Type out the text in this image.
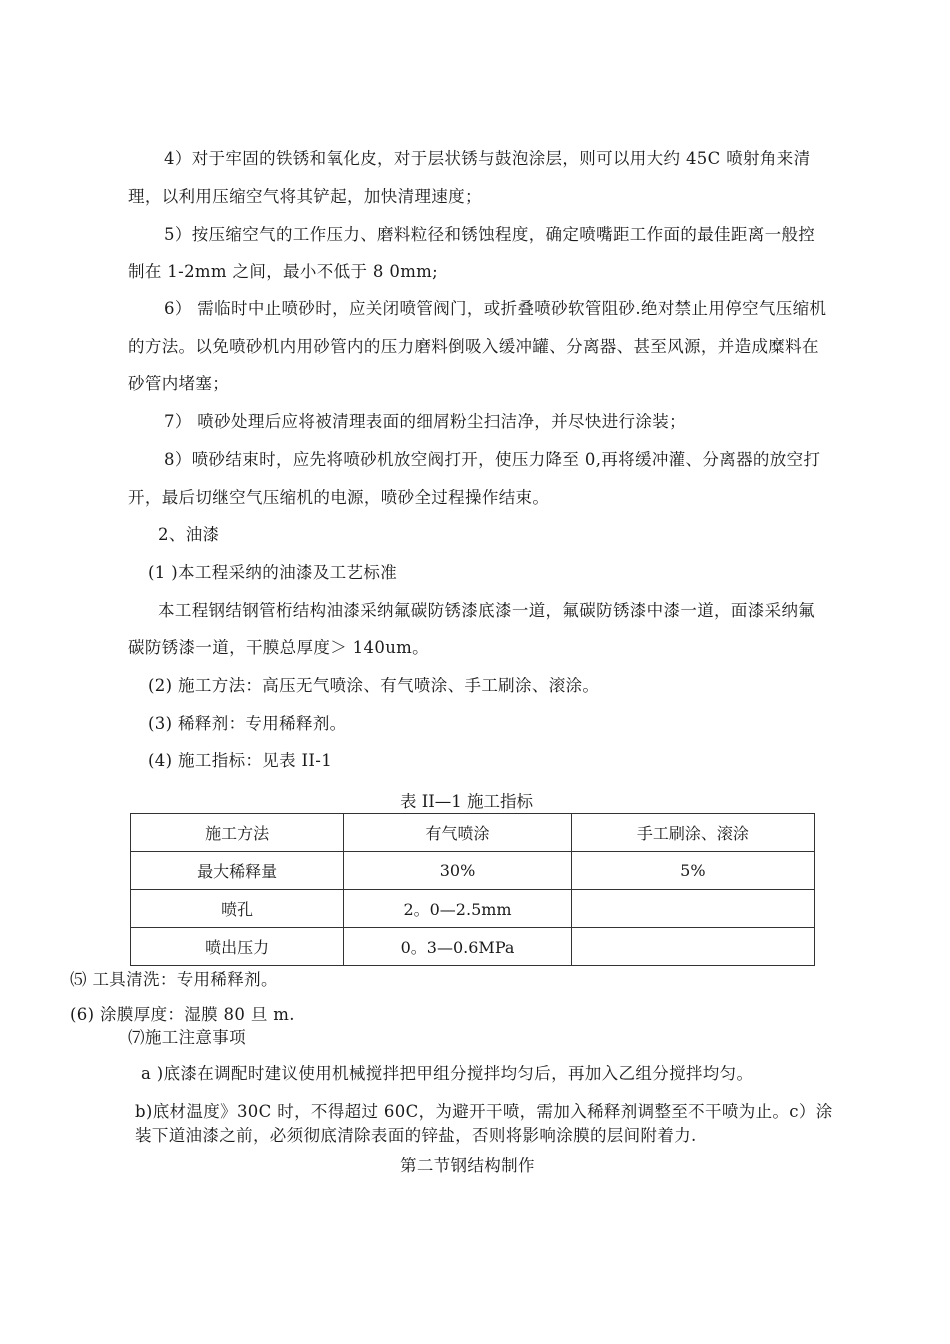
4）对于牢固的铁锈和氧化皮，对于层状锈与鼓泡涂层，则可以用大约 45C 喷射角来清
理，以利用压缩空气将其铲起，加快清理速度；
5）按压缩空气的工作压力、磨料粒径和锈蚀程度，确定喷嘴距工作面的最佳距离一般控
制在 1-2mm 之间，最小不低于 8 0mm;
6） 需临时中止喷砂时，应关闭喷管阀门，或折叠喷砂软管阻砂.绝对禁止用停空气压缩机
的方法。以免喷砂机内用砂管内的压力磨料倒吸入缓冲罐、分离器、甚至风源，并造成糜料在
砂管内堵塞；
7） 喷砂处理后应将被清理表面的细屑粉尘扫洁净，并尽快进行涂装；
8）喷砂结束时，应先将喷砂机放空阀打开，使压力降至 0,再将缓冲灌、分离器的放空打
开，最后切继空气压缩机的电源，喷砂全过程操作结束。
2、油漆
(1 )本工程采纳的油漆及工艺标准
本工程钢结钢管桁结构油漆采纳氟碳防锈漆底漆一道，氟碳防锈漆中漆一道，面漆采纳氟
碳防锈漆一道，干膜总厚度＞ 140um。
(2) 施工方法：高压无气喷涂、有气喷涂、手工刷涂、滚涂。
(3) 稀释剂：专用稀释剂。
(4) 施工指标：见表 II-1
表 II—1 施工指标
施工方法	有气喷涂	手工刷涂、滚涂
最大稀释量	30%	5%
喷孔	2。0—2.5mm	
喷出压力	0。3—0.6MPa	
⑸ 工具清洗：专用稀释剂。
(6) 涂膜厚度：湿膜 80 旦 m.
⑺施工注意事项
a )底漆在调配时建议使用机械搅拌把甲组分搅拌均匀后，再加入乙组分搅拌均匀。
b)底材温度》30C 时，不得超过 60C，为避开干喷，需加入稀释剂调整至不干喷为止。c）涂
装下道油漆之前，必须彻底清除表面的锌盐，否则将影响涂膜的层间附着力.
第二节钢结构制作
